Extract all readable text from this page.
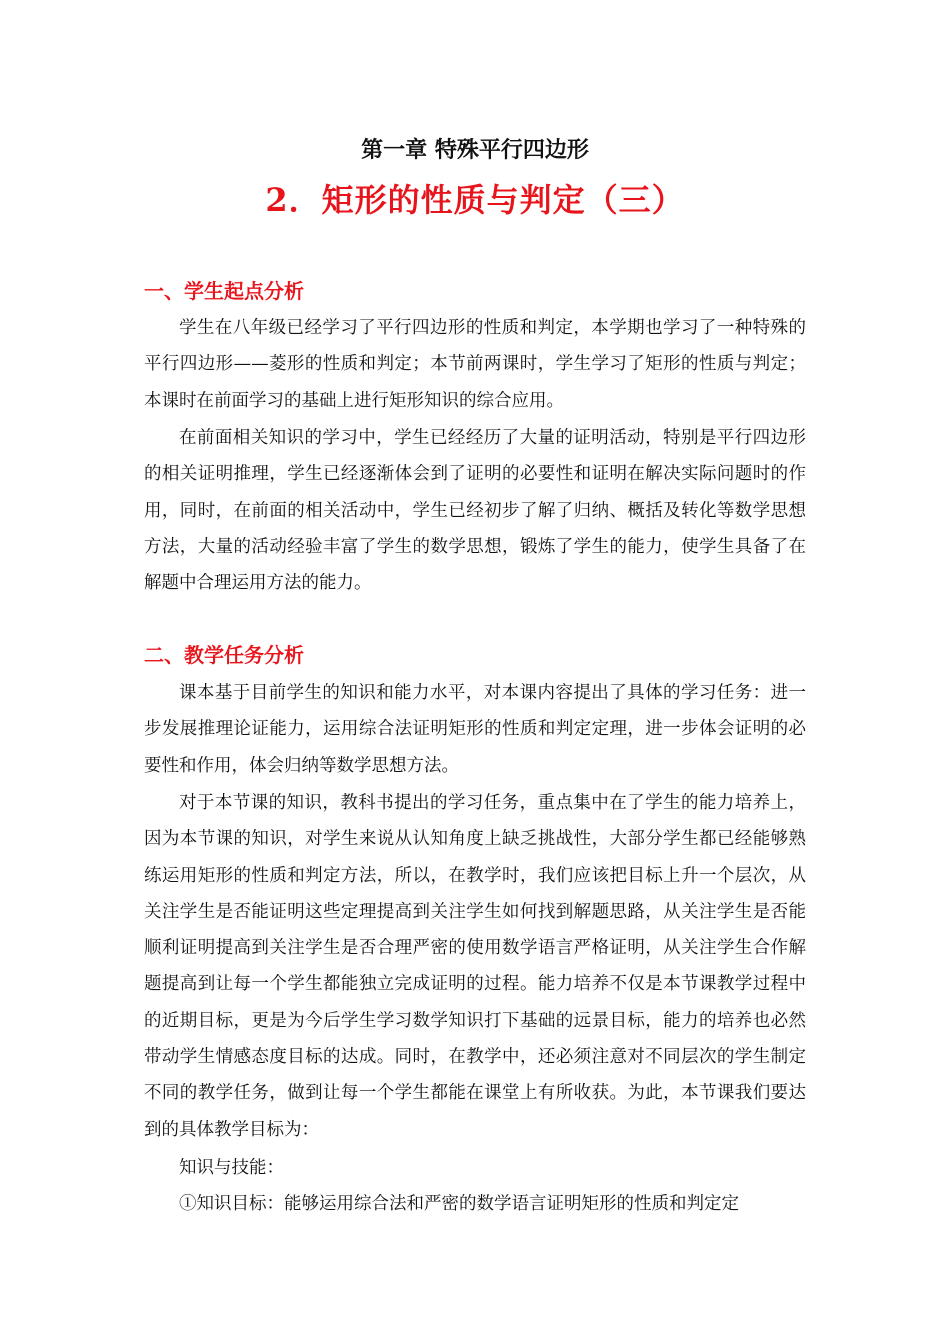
第一章 特殊平行四边形
2．矩形的性质与判定（三）
一、学生起点分析

学生在八年级已经学习了平行四边形的性质和判定，本学期也学习了一种特殊的平行四边形——菱形的性质和判定；本节前两课时，学生学习了矩形的性质与判定；本课时在前面学习的基础上进行矩形知识的综合应用。

在前面相关知识的学习中，学生已经经历了大量的证明活动，特别是平行四边形的相关证明推理，学生已经逐渐体会到了证明的必要性和证明在解决实际问题时的作用，同时，在前面的相关活动中，学生已经初步了解了归纳、概括及转化等数学思想方法，大量的活动经验丰富了学生的数学思想，锻炼了学生的能力，使学生具备了在解题中合理运用方法的能力。

二、教学任务分析

课本基于目前学生的知识和能力水平，对本课内容提出了具体的学习任务：进一步发展推理论证能力，运用综合法证明矩形的性质和判定定理，进一步体会证明的必要性和作用，体会归纳等数学思想方法。

对于本节课的知识，教科书提出的学习任务，重点集中在了学生的能力培养上，因为本节课的知识，对学生来说从认知角度上缺乏挑战性，大部分学生都已经能够熟练运用矩形的性质和判定方法，所以，在教学时，我们应该把目标上升一个层次，从关注学生是否能证明这些定理提高到关注学生如何找到解题思路，从关注学生是否能顺利证明提高到关注学生是否合理严密的使用数学语言严格证明，从关注学生合作解题提高到让每一个学生都能独立完成证明的过程。能力培养不仅是本节课教学过程中的近期目标，更是为今后学生学习数学知识打下基础的远景目标，能力的培养也必然带动学生情感态度目标的达成。同时，在教学中，还必须注意对不同层次的学生制定不同的教学任务，做到让每一个学生都能在课堂上有所收获。为此，本节课我们要达到的具体教学目标为：

知识与技能：

①知识目标：能够运用综合法和严密的数学语言证明矩形的性质和判定定
